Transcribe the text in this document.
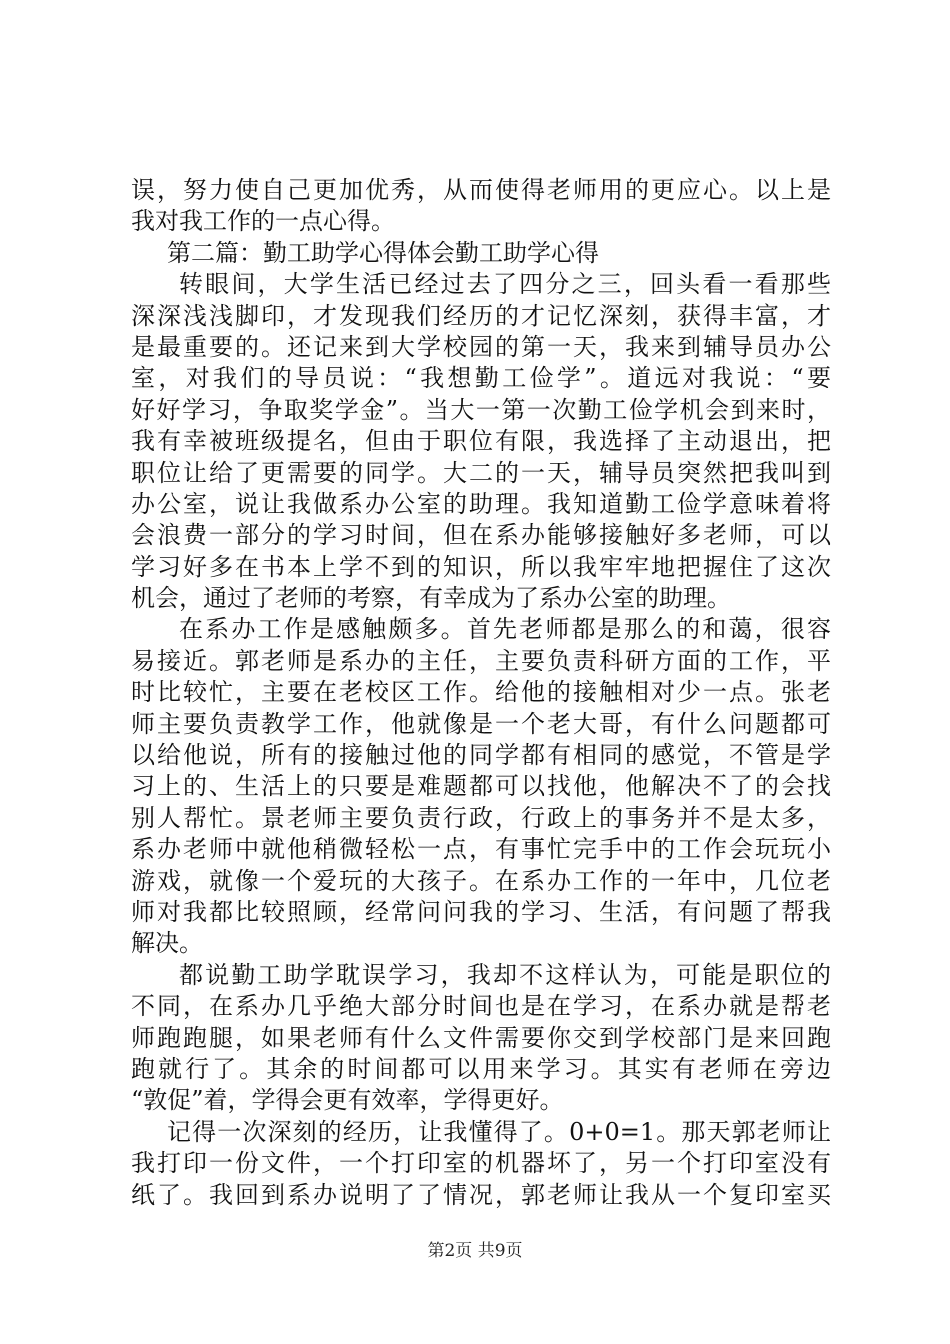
误，努力使自己更加优秀，从而使得老师用的更应心。以上是
我对我工作的一点心得。
第二篇：勤工助学心得体会勤工助学心得
转眼间，大学生活已经过去了四分之三，回头看一看那些
深深浅浅脚印，才发现我们经历的才记忆深刻，获得丰富，才
是最重要的。还记来到大学校园的第一天，我来到辅导员办公
室，对我们的导员说：“我想勤工俭学”。道远对我说：“要
好好学习，争取奖学金”。当大一第一次勤工俭学机会到来时，
我有幸被班级提名，但由于职位有限，我选择了主动退出，把
职位让给了更需要的同学。大二的一天，辅导员突然把我叫到
办公室，说让我做系办公室的助理。我知道勤工俭学意味着将
会浪费一部分的学习时间，但在系办能够接触好多老师，可以
学习好多在书本上学不到的知识，所以我牢牢地把握住了这次
机会，通过了老师的考察，有幸成为了系办公室的助理。
在系办工作是感触颇多。首先老师都是那么的和蔼，很容
易接近。郭老师是系办的主任，主要负责科研方面的工作，平
时比较忙，主要在老校区工作。给他的接触相对少一点。张老
师主要负责教学工作，他就像是一个老大哥，有什么问题都可
以给他说，所有的接触过他的同学都有相同的感觉，不管是学
习上的、生活上的只要是难题都可以找他，他解决不了的会找
别人帮忙。景老师主要负责行政，行政上的事务并不是太多，
系办老师中就他稍微轻松一点，有事忙完手中的工作会玩玩小
游戏，就像一个爱玩的大孩子。在系办工作的一年中，几位老
师对我都比较照顾，经常问问我的学习、生活，有问题了帮我
解决。
都说勤工助学耽误学习，我却不这样认为，可能是职位的
不同，在系办几乎绝大部分时间也是在学习，在系办就是帮老
师跑跑腿，如果老师有什么文件需要你交到学校部门是来回跑
跑就行了。其余的时间都可以用来学习。其实有老师在旁边
“敦促”着，学得会更有效率，学得更好。
记得一次深刻的经历，让我懂得了。0+0=1。那天郭老师让
我打印一份文件，一个打印室的机器坏了，另一个打印室没有
纸了。我回到系办说明了了情况，郭老师让我从一个复印室买
第2页 共9页
